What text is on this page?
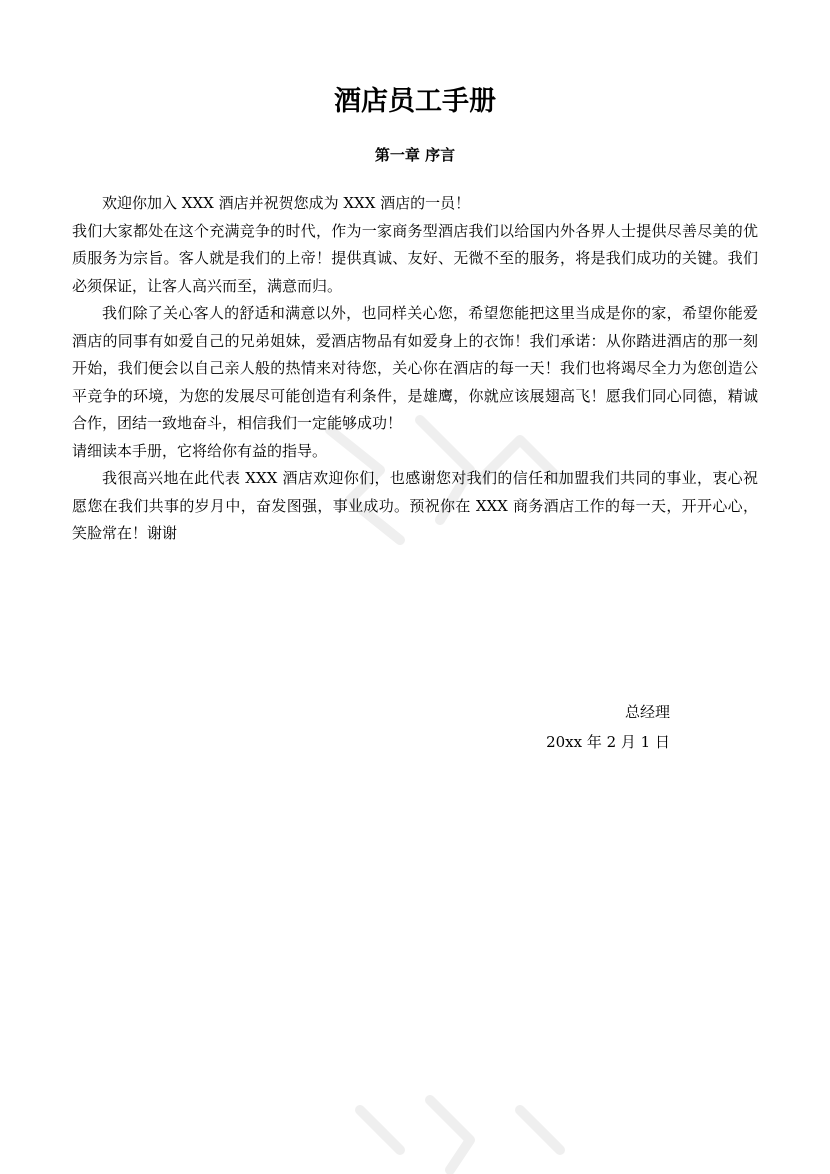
酒店员工手册
第一章 序言

欢迎你加入 XXX 酒店并祝贺您成为 XXX 酒店的一员！

我们大家都处在这个充满竞争的时代，作为一家商务型酒店我们以给国内外各界人士提供尽善尽美的优质服务为宗旨。客人就是我们的上帝！提供真诚、友好、无微不至的服务，将是我们成功的关键。我们必须保证，让客人高兴而至，满意而归。

我们除了关心客人的舒适和满意以外，也同样关心您，希望您能把这里当成是你的家，希望你能爱酒店的同事有如爱自己的兄弟姐妹，爱酒店物品有如爱身上的衣饰！我们承诺：从你踏进酒店的那一刻开始，我们便会以自己亲人般的热情来对待您，关心你在酒店的每一天！我们也将竭尽全力为您创造公平竞争的环境，为您的发展尽可能创造有利条件，是雄鹰，你就应该展翅高飞！愿我们同心同德，精诚合作，团结一致地奋斗，相信我们一定能够成功！

请细读本手册，它将给你有益的指导。

我很高兴地在此代表 XXX 酒店欢迎你们，也感谢您对我们的信任和加盟我们共同的事业，衷心祝愿您在我们共事的岁月中，奋发图强，事业成功。预祝你在 XXX 商务酒店工作的每一天，开开心心，笑脸常在！谢谢

总经理

20xx 年 2 月 1 日
